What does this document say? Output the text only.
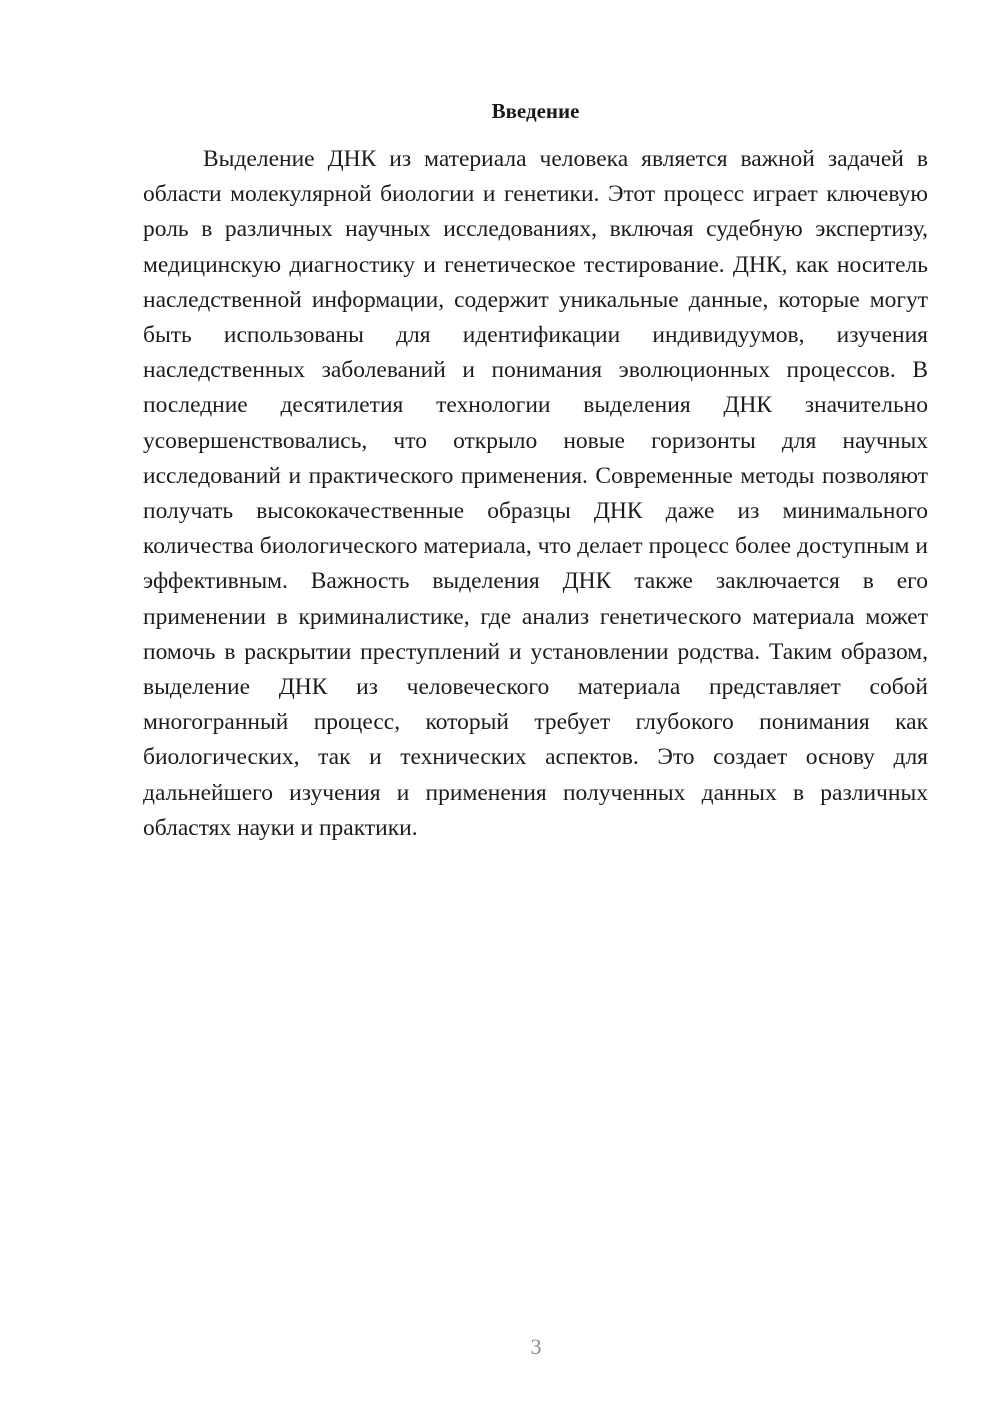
Введение

Выделение ДНК из материала человека является важной задачей в области молекулярной биологии и генетики. Этот процесс играет ключевую роль в различных научных исследованиях, включая судебную экспертизу, медицинскую диагностику и генетическое тестирование. ДНК, как носитель наследственной информации, содержит уникальные данные, которые могут быть использованы для идентификации индивидуумов, изучения наследственных заболеваний и понимания эволюционных процессов. В последние десятилетия технологии выделения ДНК значительно усовершенствовались, что открыло новые горизонты для научных исследований и практического применения. Современные методы позволяют получать высококачественные образцы ДНК даже из минимального количества биологического материала, что делает процесс более доступным и эффективным. Важность выделения ДНК также заключается в его применении в криминалистике, где анализ генетического материала может помочь в раскрытии преступлений и установлении родства. Таким образом, выделение ДНК из человеческого материала представляет собой многогранный процесс, который требует глубокого понимания как биологических, так и технических аспектов. Это создает основу для дальнейшего изучения и применения полученных данных в различных областях науки и практики.

3
